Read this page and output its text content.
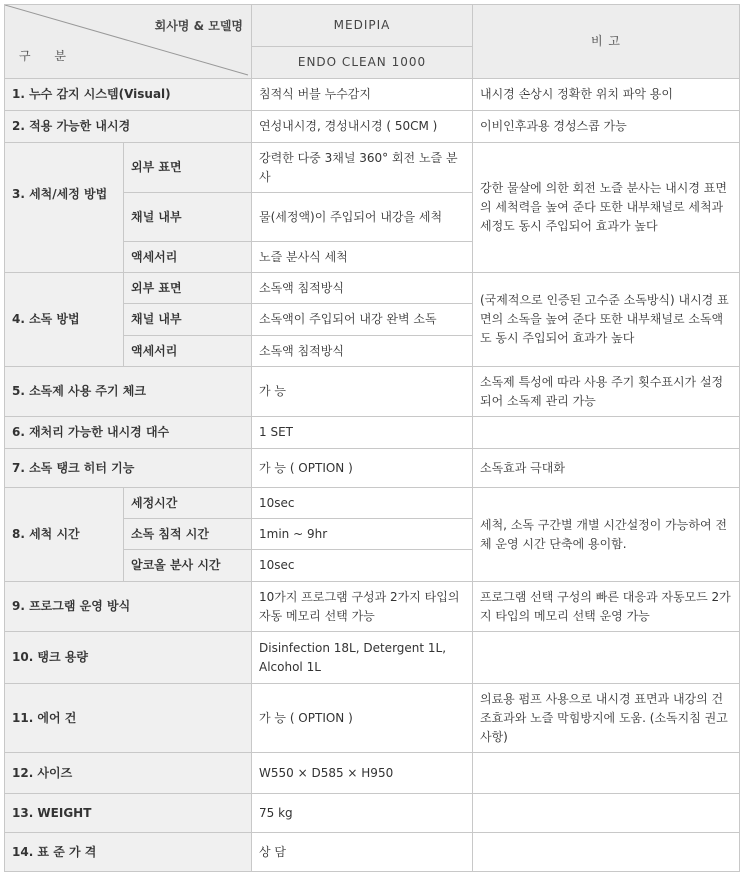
회사명 & 모델명
구 분		MEDIPIA	비 고
		ENDO CLEAN 1000	
1. 누수 감지 시스템(Visual)		침적식 버블 누수감지	내시경 손상시 정확한 위치 파악 용이
2. 적용 가능한 내시경		연성내시경, 경성내시경 ( 50CM )	이비인후과용 경성스콥 가능
3. 세척/세정 방법	외부 표면	강력한 다중 3채널 360° 회전 노즐 분사	강한 물살에 의한 회전 노즐 분사는 내시경 표면의 세척력을 높여 준다 또한 내부채널로 세척과 세정도 동시 주입되어 효과가 높다
	채널 내부	물(세정액)이 주입되어 내강을 세척	
	액세서리	노즐 분사식 세척	
4. 소독 방법	외부 표면	소독액 침적방식	(국제적으로 인증된 고수준 소독방식) 내시경 표면의 소독을 높여 준다 또한 내부채널로 소독액도 동시 주입되어 효과가 높다
	채널 내부	소독액이 주입되어 내강 완벽 소독	
	액세서리	소독액 침적방식	
5. 소독제 사용 주기 체크		가 능	소독제 특성에 따라 사용 주기 횟수표시가 설정되어 소독제 관리 가능
6. 재처리 가능한 내시경 대수		1 SET	
7. 소독 탱크 히터 기능		가 능 ( OPTION )	소독효과 극대화
8. 세척 시간	세정시간	10sec	세척, 소독 구간별 개별 시간설정이 가능하여 전체 운영 시간 단축에 용이함.
	소독 침적 시간	1min ~ 9hr	
	알코올 분사 시간	10sec	
9. 프로그램 운영 방식		10가지 프로그램 구성과 2가지 타입의 자동 메모리 선택 가능	프로그램 선택 구성의 빠른 대응과 자동모드 2가지 타입의 메모리 선택 운영 가능
10. 탱크 용량		Disinfection 18L, Detergent 1L, Alcohol 1L	
11. 에어 건		가 능 ( OPTION )	의료용 펌프 사용으로 내시경 표면과 내강의 건조효과와 노즐 막힘방지에 도움. (소독지침 권고사항)
12. 사이즈		W550 × D585 × H950	
13. WEIGHT		75 kg	
14. 표 준 가 격		상 담	
